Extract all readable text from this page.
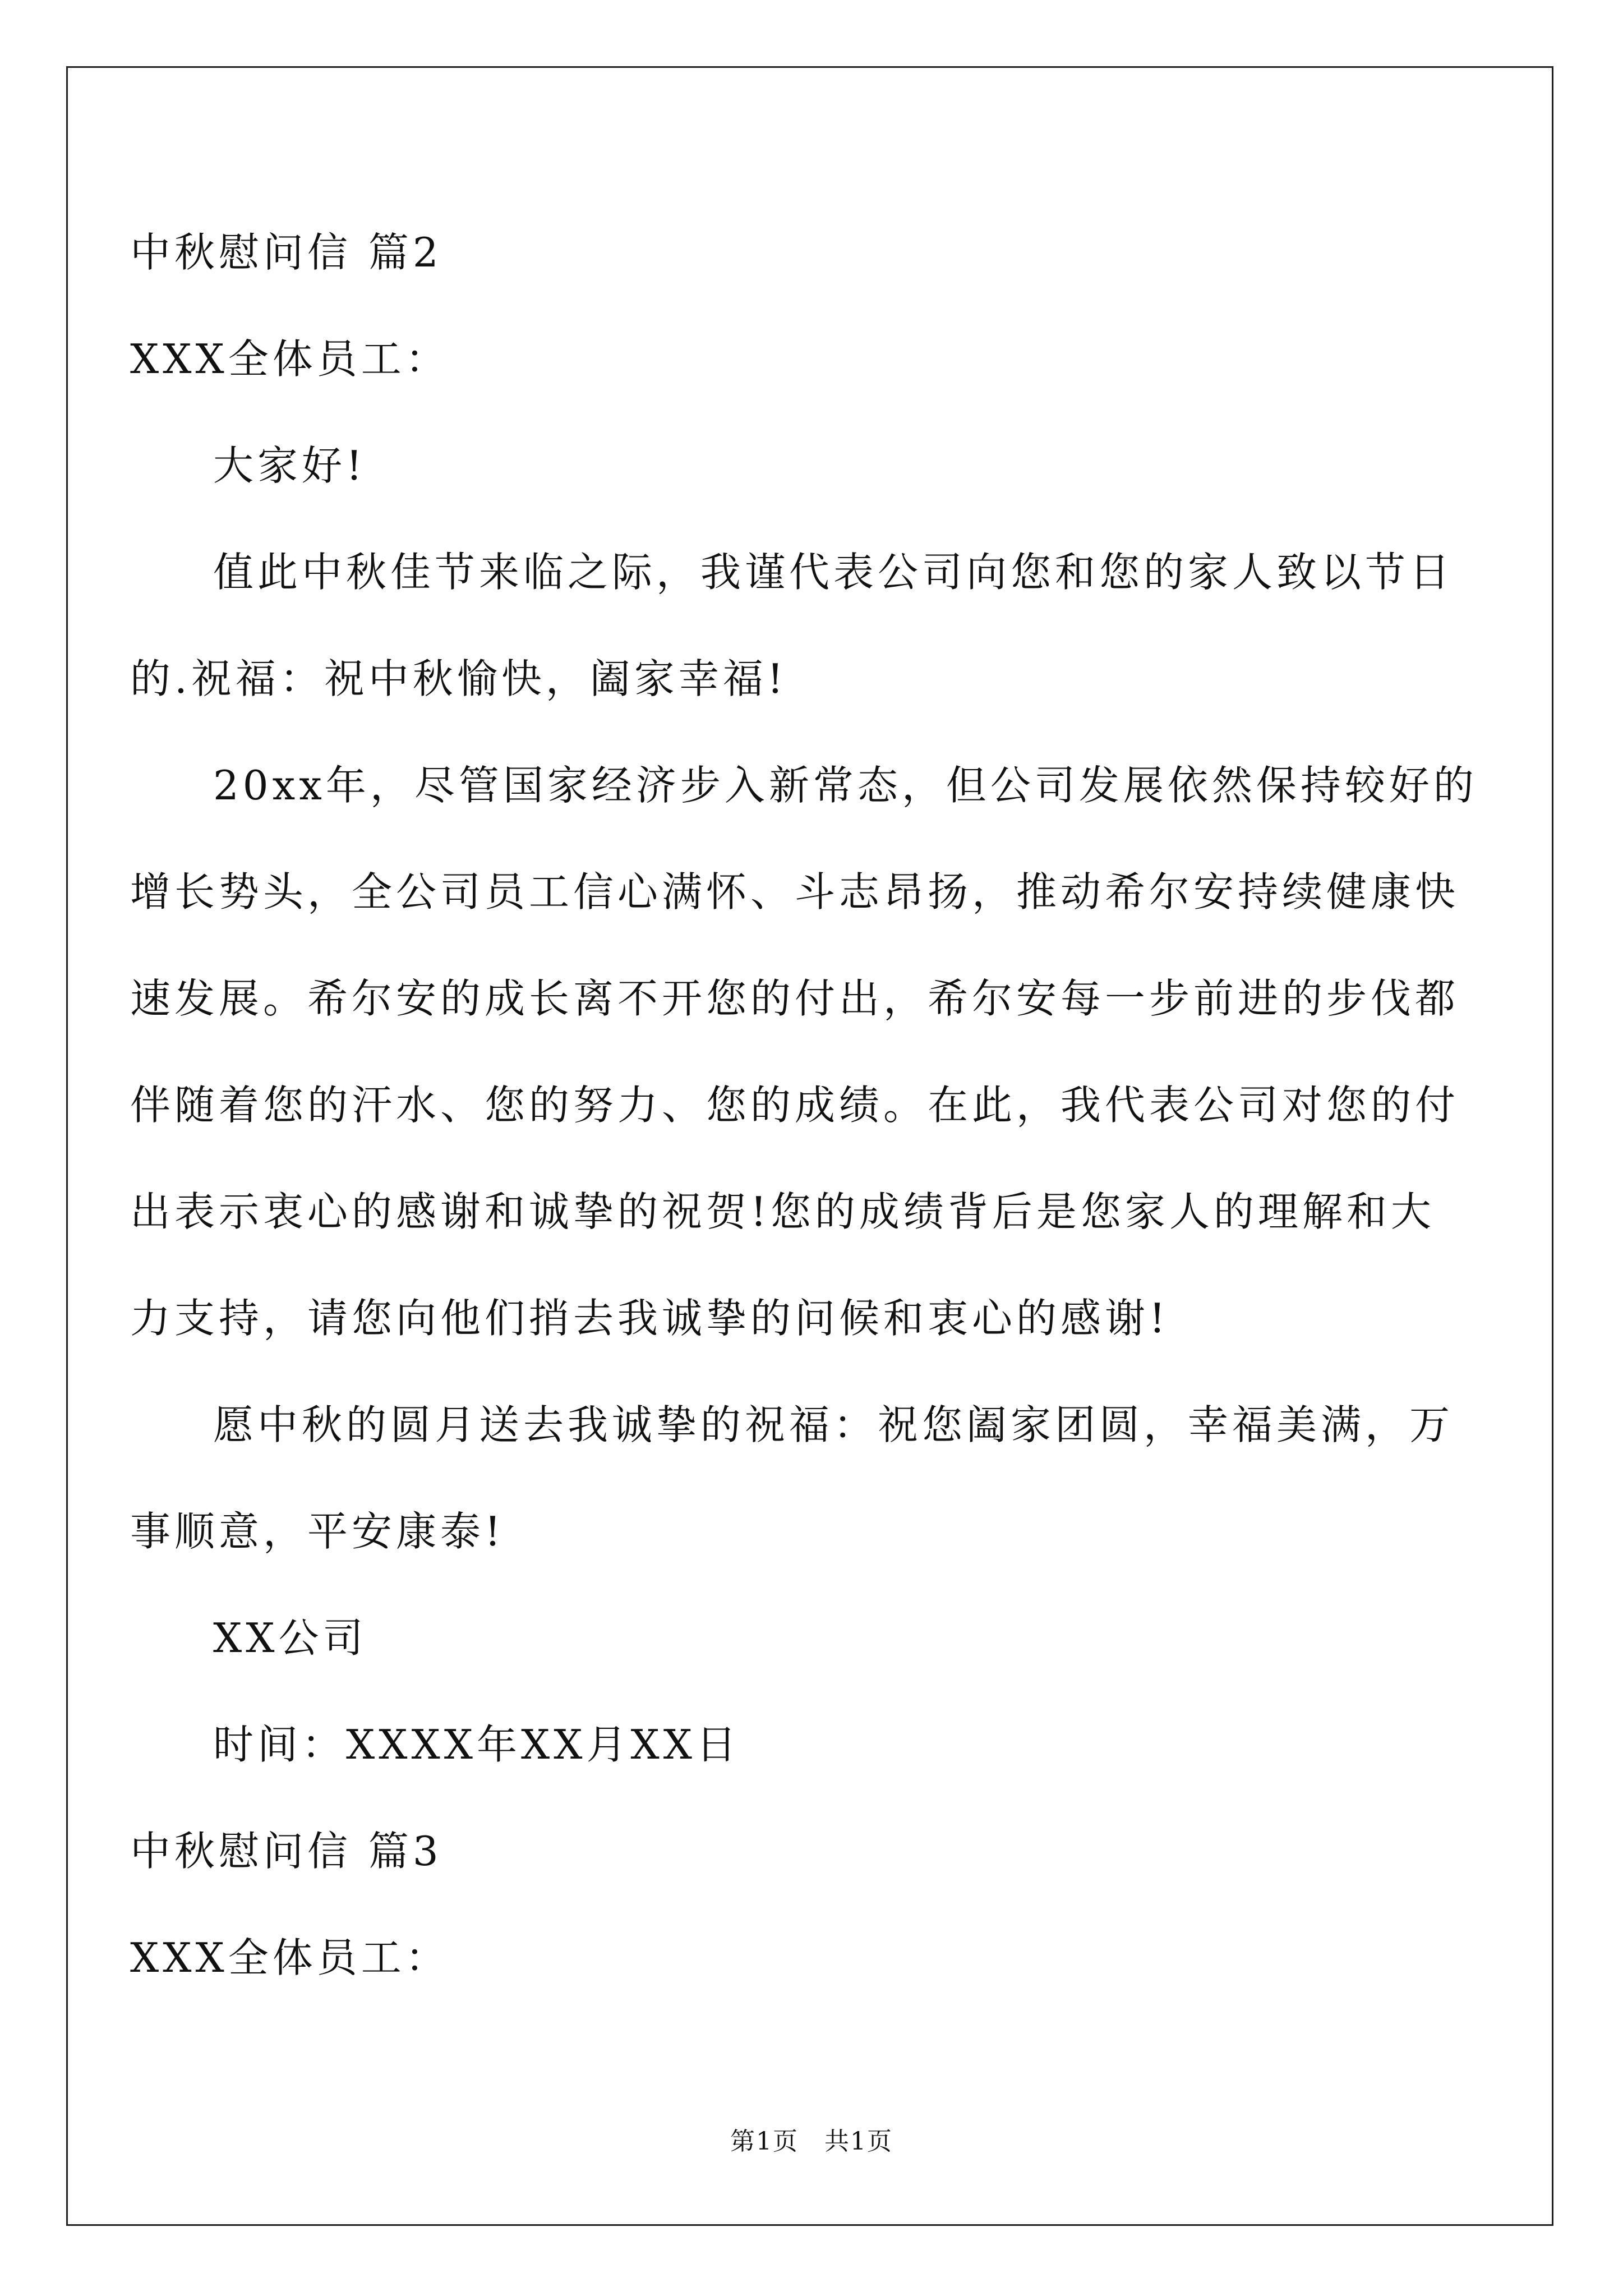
中秋慰问信 篇2
XXX全体员工：
大家好!
值此中秋佳节来临之际，我谨代表公司向您和您的家人致以节日
的.祝福：祝中秋愉快，阖家幸福!
20xx年，尽管国家经济步入新常态，但公司发展依然保持较好的
增长势头，全公司员工信心满怀、斗志昂扬，推动希尔安持续健康快
速发展。希尔安的成长离不开您的付出，希尔安每一步前进的步伐都
伴随着您的汗水、您的努力、您的成绩。在此，我代表公司对您的付
出表示衷心的感谢和诚挚的祝贺!您的成绩背后是您家人的理解和大
力支持，请您向他们捎去我诚挚的问候和衷心的感谢!
愿中秋的圆月送去我诚挚的祝福：祝您阖家团圆，幸福美满，万
事顺意，平安康泰!
XX公司
时间：XXXX年XX月XX日
中秋慰问信 篇3
XXX全体员工：
第1页　共1页
